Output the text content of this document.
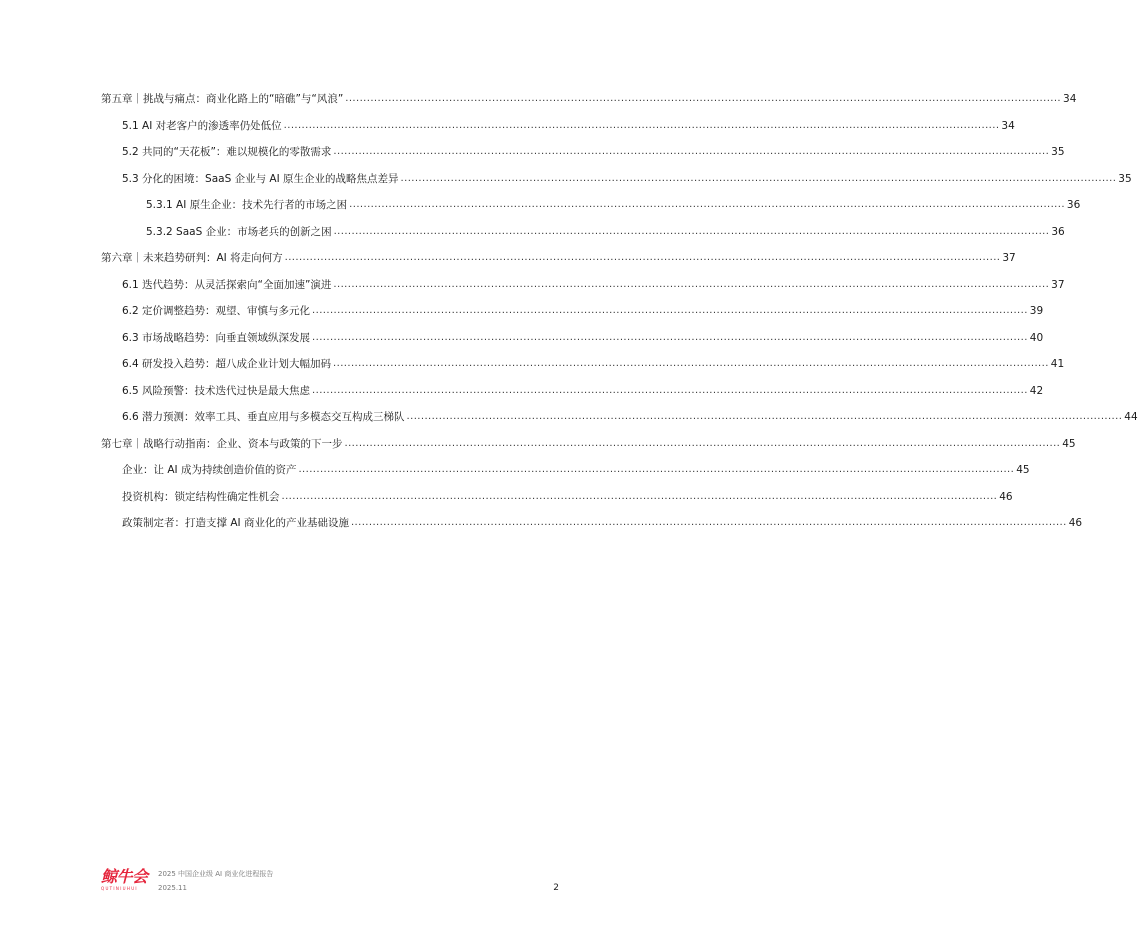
第五章｜挑战与痛点：商业化路上的“暗礁”与“风浪” ........................................................................................................................................................................................................ 34
5.1 AI 对老客户的渗透率仍处低位 ........................................................................................................................................................................................................ 34
5.2 共同的“天花板”：难以规模化的零散需求 ........................................................................................................................................................................................................ 35
5.3 分化的困境：SaaS 企业与 AI 原生企业的战略焦点差异 ........................................................................................................................................................................................................ 35
5.3.1 AI 原生企业：技术先行者的市场之困 ........................................................................................................................................................................................................ 36
5.3.2 SaaS 企业：市场老兵的创新之困 ........................................................................................................................................................................................................ 36
第六章｜未来趋势研判：AI 将走向何方 ........................................................................................................................................................................................................ 37
6.1 迭代趋势：从灵活探索向“全面加速”演进 ........................................................................................................................................................................................................ 37
6.2 定价调整趋势：观望、审慎与多元化 ........................................................................................................................................................................................................ 39
6.3 市场战略趋势：向垂直领域纵深发展 ........................................................................................................................................................................................................ 40
6.4 研发投入趋势：超八成企业计划大幅加码 ........................................................................................................................................................................................................ 41
6.5 风险预警：技术迭代过快是最大焦虑 ........................................................................................................................................................................................................ 42
6.6 潜力预测：效率工具、垂直应用与多模态交互构成三梯队 ........................................................................................................................................................................................................ 44
第七章｜战略行动指南：企业、资本与政策的下一步 ........................................................................................................................................................................................................ 45
企业：让 AI 成为持续创造价值的资产 ........................................................................................................................................................................................................ 45
投资机构：锁定结构性确定性机会 ........................................................................................................................................................................................................ 46
政策制定者：打造支撑 AI 商业化的产业基础设施 ........................................................................................................................................................................................................ 46
鲸牛会
QUTINIUHUI
2025 中国企业级 AI 商业化进程报告
2025.11	2
